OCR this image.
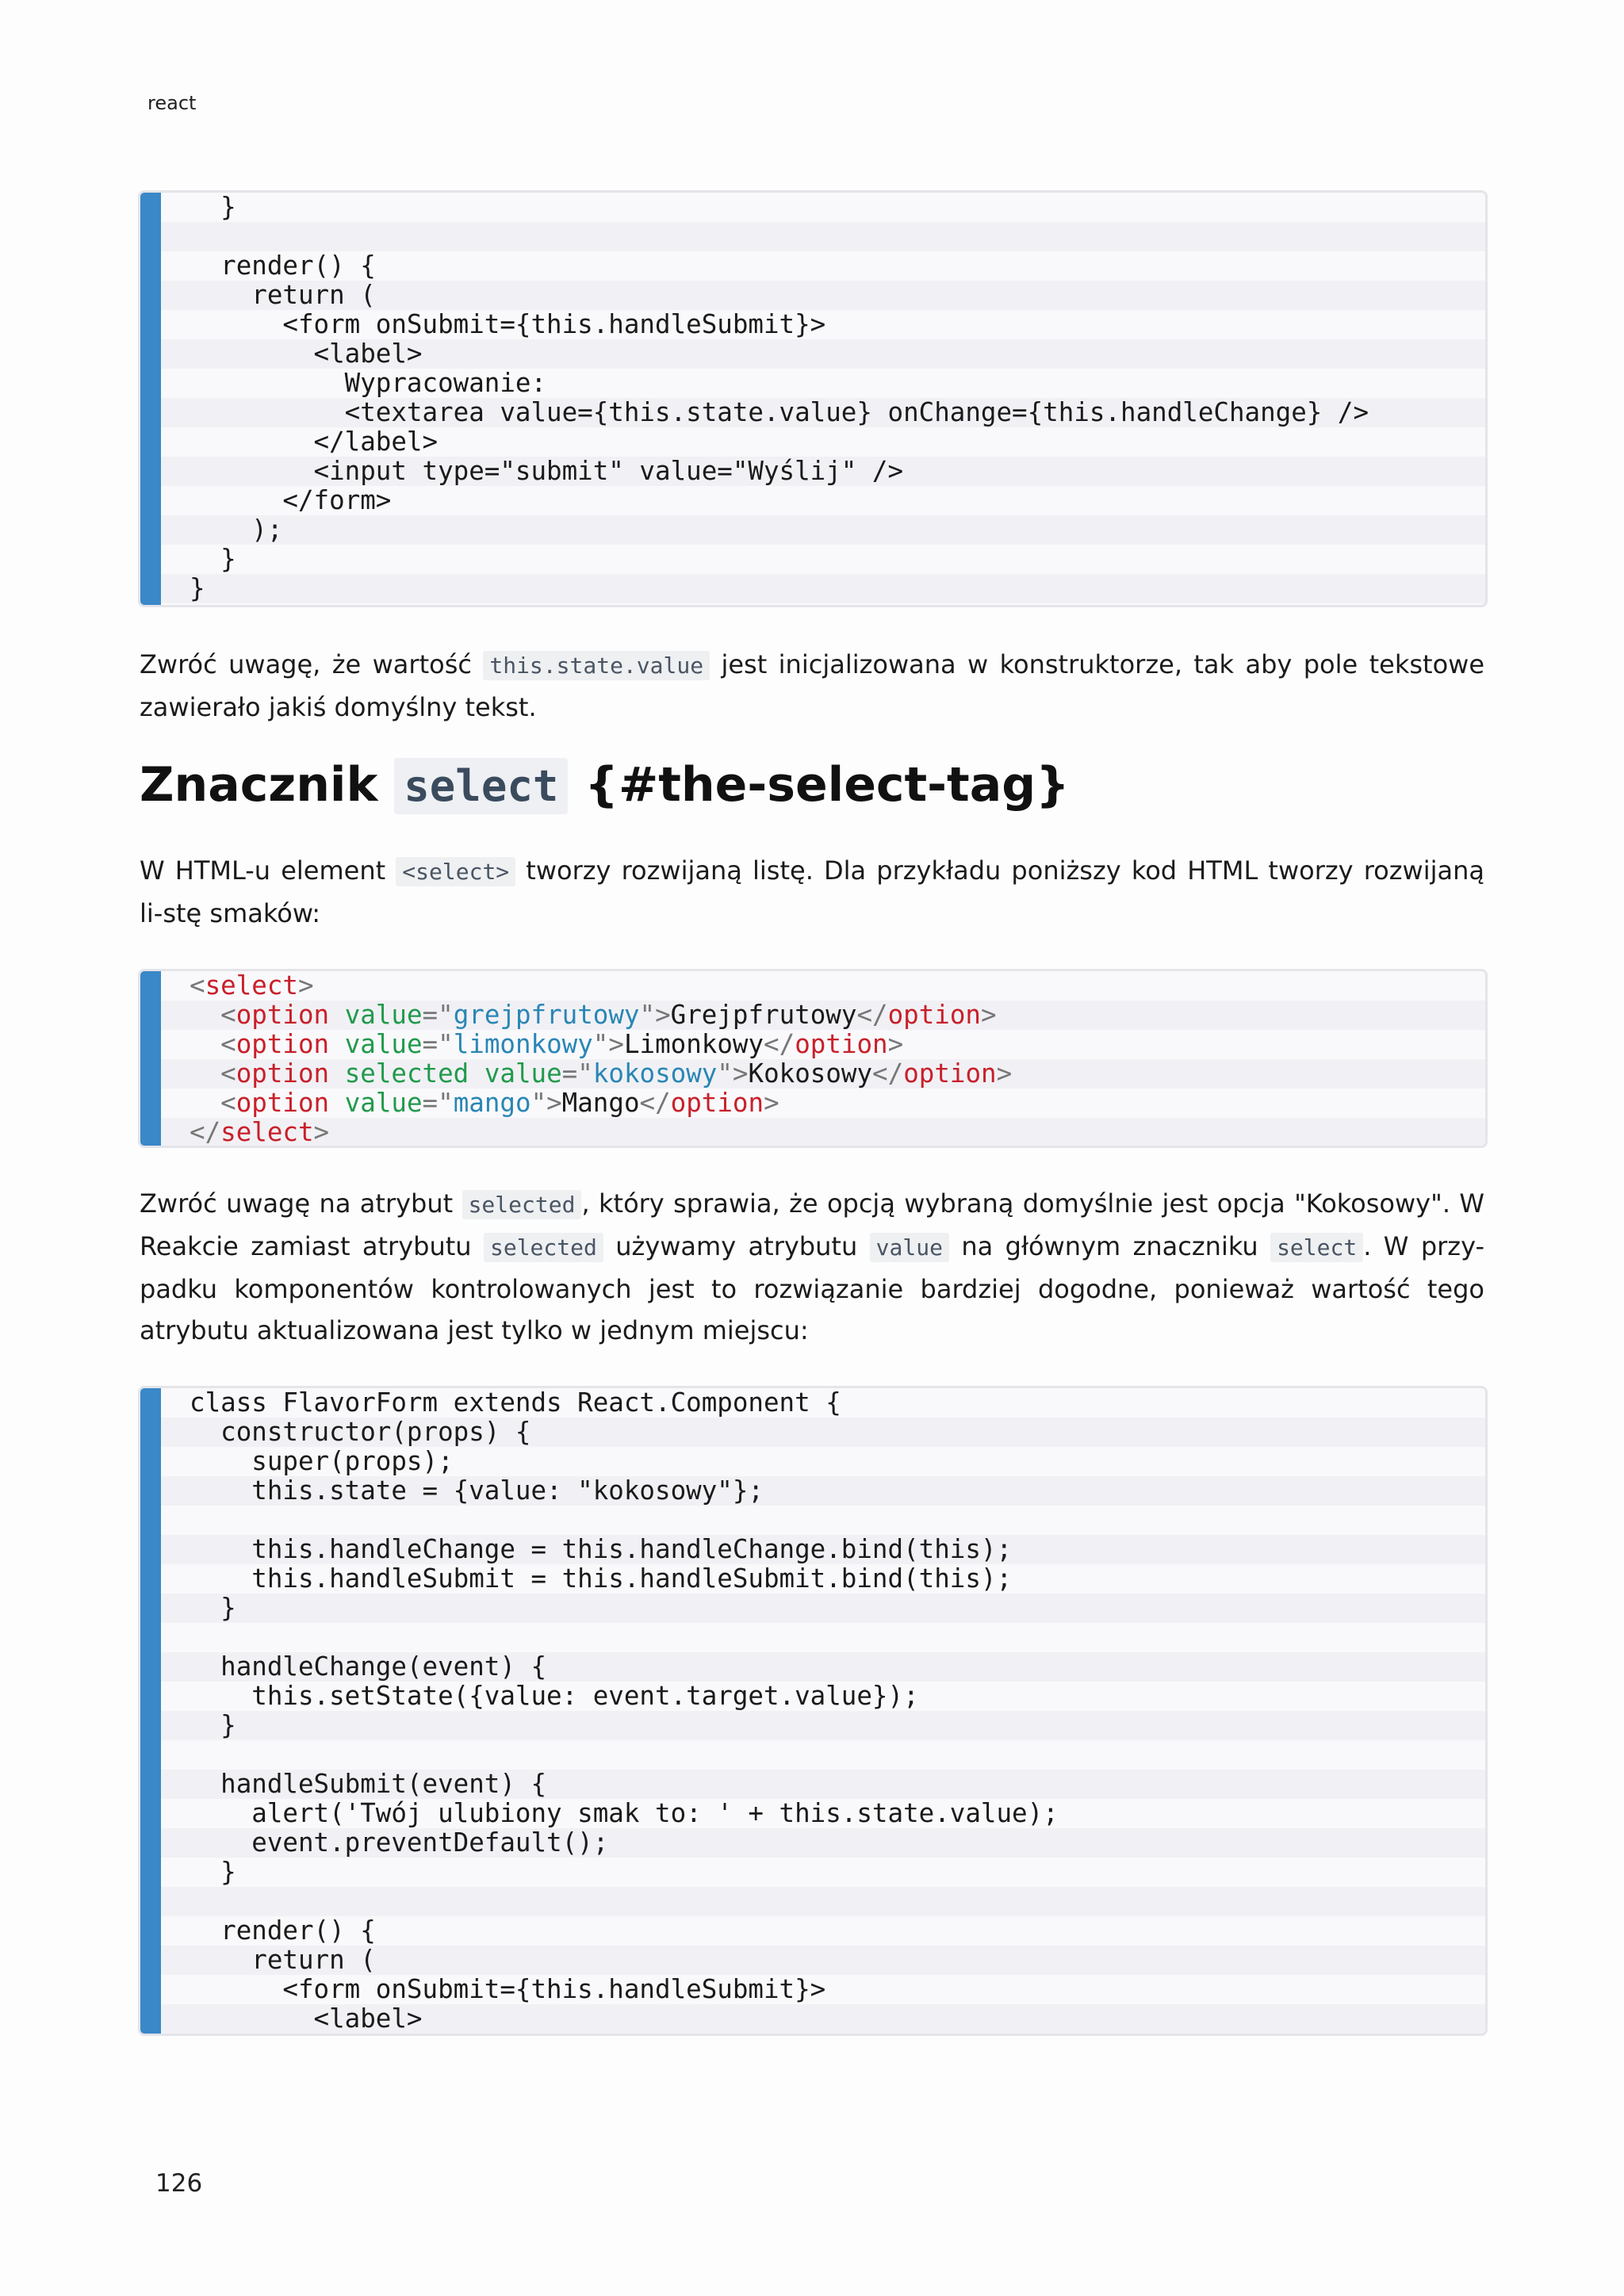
react
}
render() {
return (
<form onSubmit={this.handleSubmit}>
<label>
Wypracowanie:
<textarea value={this.state.value} onChange={this.handleChange} />
</label>
<input type="submit" value="Wyślij" />
</form>
);
}
}

Zwróć uwagę, że wartość this.state.value jest inicjalizowana w konstruktorze, tak aby pole tekstowe zawierało jakiś domyślny tekst.

Znacznik select {#the-select-tag}

W HTML-u element <select> tworzy rozwijaną listę. Dla przykładu poniższy kod HTML tworzy rozwijaną li-stę smaków:

<select>
<option value="grejpfrutowy">Grejpfrutowy</option>
<option value="limonkowy">Limonkowy</option>
<option selected value="kokosowy">Kokosowy</option>
<option value="mango">Mango</option>
</select>

Zwróć uwagę na atrybut selected , który sprawia, że opcją wybraną domyślnie jest opcja "Kokosowy". W Reakcie zamiast atrybutu selected używamy atrybutu value na głównym znaczniku select . W przy-padku komponentów kontrolowanych jest to rozwiązanie bardziej dogodne, ponieważ wartość tego atrybutu aktualizowana jest tylko w jednym miejscu:

class FlavorForm extends React.Component {
constructor(props) {
super(props);
this.state = {value: "kokosowy"};
this.handleChange = this.handleChange.bind(this);
this.handleSubmit = this.handleSubmit.bind(this);
}
handleChange(event) {
this.setState({value: event.target.value});
}
handleSubmit(event) {
alert('Twój ulubiony smak to: ' + this.state.value);
event.preventDefault();
}
render() {
return (
<form onSubmit={this.handleSubmit}>
<label>
126
